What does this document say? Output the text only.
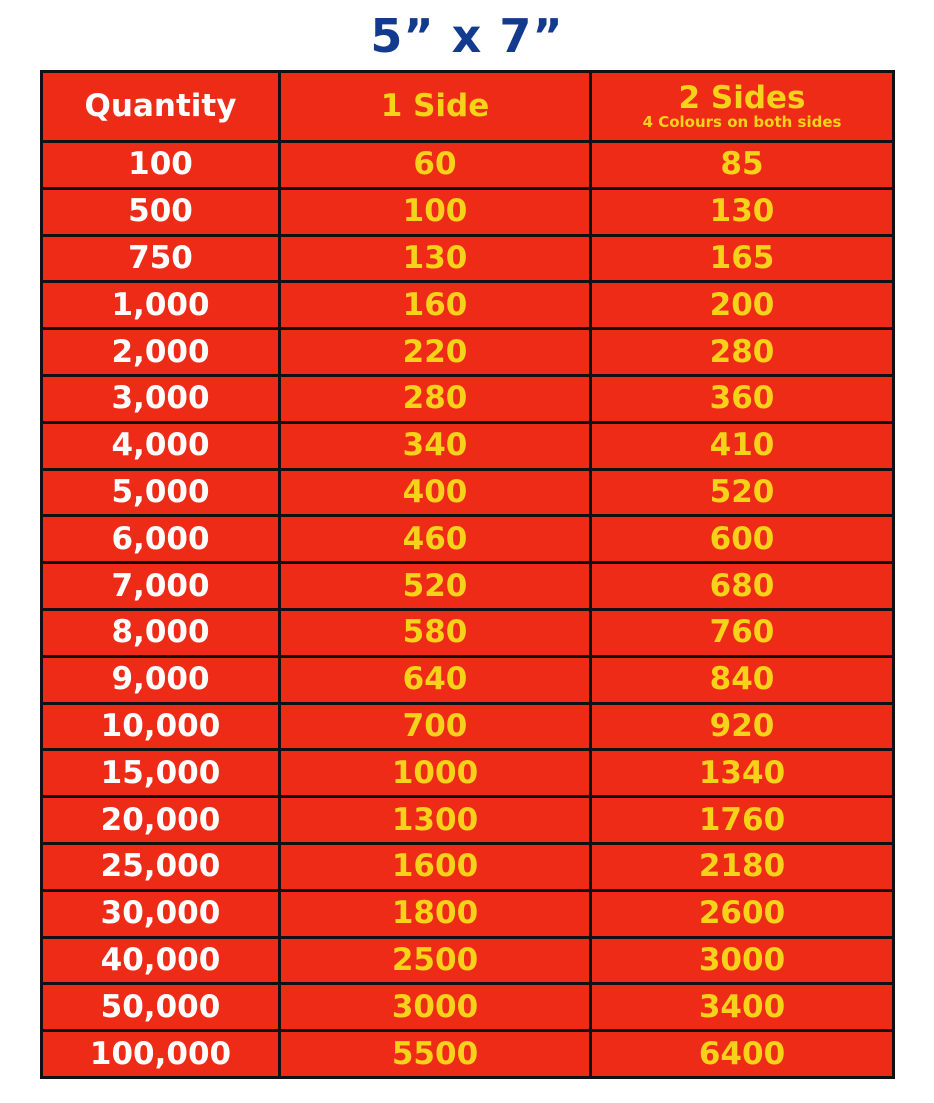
5” x 7”
Quantity	1 Side	2 Sides
4 Colours on both sides

100	60	85
500	100	130
750	130	165
1,000	160	200
2,000	220	280
3,000	280	360
4,000	340	410
5,000	400	520
6,000	460	600
7,000	520	680
8,000	580	760
9,000	640	840
10,000	700	920
15,000	1000	1340
20,000	1300	1760
25,000	1600	2180
30,000	1800	2600
40,000	2500	3000
50,000	3000	3400
100,000	5500	6400
